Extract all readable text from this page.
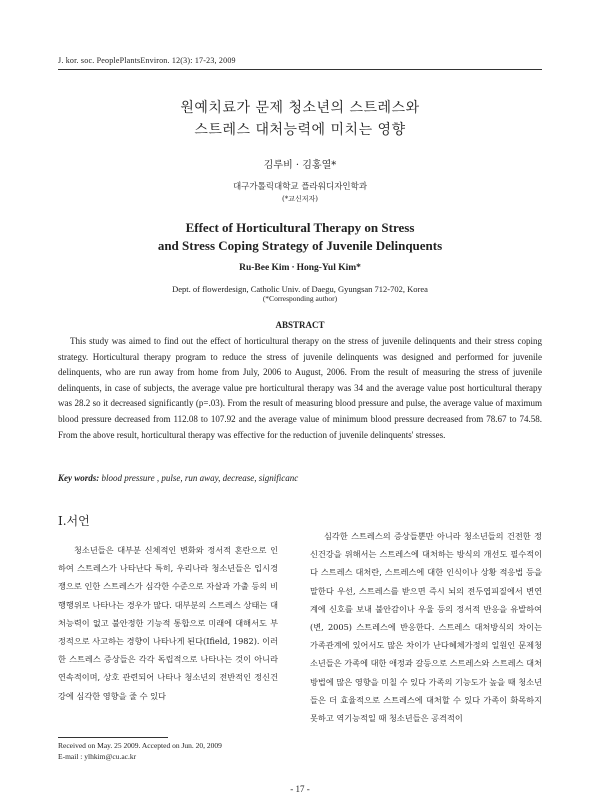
J. kor. soc. PeoplePlantsEnviron. 12(3): 17-23, 2009
원예치료가 문제 청소년의 스트레스와
스트레스 대처능력에 미치는 영향
김루비 · 김홍열*
대구가톨릭대학교 플라워디자인학과
(*교신저자)
Effect of Horticultural Therapy on Stress
and Stress Coping Strategy of Juvenile Delinquents
Ru-Bee Kim ∙ Hong-Yul Kim*
Dept. of flowerdesign, Catholic Univ. of Daegu, Gyungsan 712-702, Korea
(*Corresponding author)
ABSTRACT

This study was aimed to find out the effect of horticultural therapy on the stress of juvenile delinquents and their stress coping strategy. Horticultural therapy program to reduce the stress of juvenile delinquents was designed and performed for juvenile delinquents, who are run away from home from July, 2006 to August, 2006. From the result of measuring the stress of juvenile delinquents, in case of subjects, the average value pre horticultural therapy was 34 and the average value post horticultural therapy was 28.2 so it decreased significantly (p=.03). From the result of measuring blood pressure and pulse, the average value of maximum blood pressure decreased from 112.08 to 107.92 and the average value of minimum blood pressure decreased from 78.67 to 74.58. From the above result, horticultural therapy was effective for the reduction of juvenile delinquents' stresses.

Key words: blood pressure , pulse, run away, decrease, significanc
Ⅰ.서언

청소년들은 대부분 신체적인 변화와 정서적 혼란으로 인하여 스트레스가 나타난다 특히, 우리나라 청소년들은 입시경쟁으로 인한 스트레스가 심각한 수준으로 자살과 가출 등의 비행행위로 나타나는 경우가 많다. 대부분의 스트레스 상태는 대처능력이 없고 불안정한 기능적 통합으로 미래에 대해서도 부정적으로 사고하는 경향이 나타나게 된다(Ifield, 1982). 이러한 스트레스 증상들은 각각 독립적으로 나타나는 것이 아니라 연속적이며, 상호 관련되어 나타나 청소년의 전반적인 정신건강에 심각한 영향을 줄 수 있다

심각한 스트레스의 증상들뿐만 아니라 청소년들의 건전한 정신건강을 위해서는 스트레스에 대처하는 방식의 개선도 필수적이다 스트레스 대처란, 스트레스에 대한 인식이나 상황 적응법 등을 말한다 우선, 스트레스를 받으면 즉시 뇌의 전두엽피질에서 변연계에 신호를 보내 불안감이나 우울 등의 정서적 반응을 유발하여(변, 2005) 스트레스에 반응한다. 스트레스 대처방식의 차이는 가족관계에 있어서도 많은 차이가 난다혜체가정의 일원인 문제청소년들은 가족에 대한 애정과 갈등으로 스트레스와 스트레스 대처방법에 많은 영향을 미칠 수 있다 가족의 기능도가 높을 때 청소년들은 더 효율적으로 스트레스에 대처할 수 있다 가족이 화목하지 못하고 역기능적일 때 청소년들은 공격적이

Received on May. 25 2009. Accepted on Jun. 20, 2009
E-mail : ylhkim@cu.ac.kr
- 17 -
